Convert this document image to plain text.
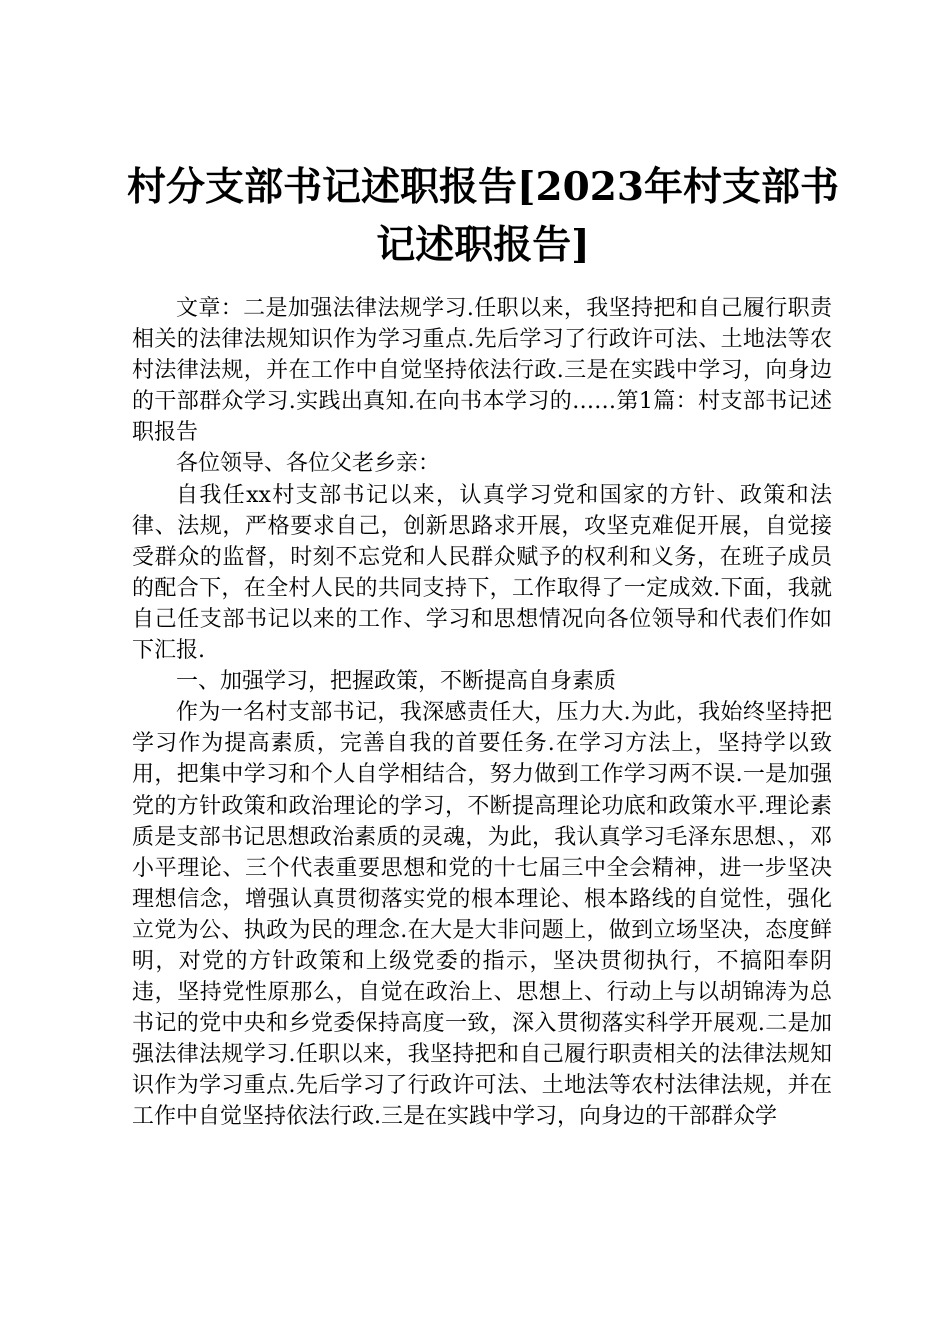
村分支部书记述职报告[2023年村支部书记述职报告]

文章：二是加强法律法规学习.任职以来，我坚持把和自己履行职责相关的法律法规知识作为学习重点.先后学习了行政许可法、土地法等农村法律法规，并在工作中自觉坚持依法行政.三是在实践中学习，向身边的干部群众学习.实践出真知.在向书本学习的……第1篇：村支部书记述职报告

各位领导、各位父老乡亲：

自我任xx村支部书记以来，认真学习党和国家的方针、政策和法律、法规，严格要求自己，创新思路求开展，攻坚克难促开展，自觉接受群众的监督，时刻不忘党和人民群众赋予的权利和义务，在班子成员的配合下，在全村人民的共同支持下，工作取得了一定成效.下面，我就自己任支部书记以来的工作、学习和思想情况向各位领导和代表们作如下汇报.

一、加强学习，把握政策，不断提高自身素质

作为一名村支部书记，我深感责任大，压力大.为此，我始终坚持把学习作为提高素质，完善自我的首要任务.在学习方法上，坚持学以致用，把集中学习和个人自学相结合，努力做到工作学习两不误.一是加强党的方针政策和政治理论的学习，不断提高理论功底和政策水平.理论素质是支部书记思想政治素质的灵魂，为此，我认真学习毛泽东思想、，邓小平理论、三个代表重要思想和党的十七届三中全会精神，进一步坚决理想信念，增强认真贯彻落实党的根本理论、根本路线的自觉性，强化立党为公、执政为民的理念.在大是大非问题上，做到立场坚决，态度鲜明，对党的方针政策和上级党委的指示，坚决贯彻执行，不搞阳奉阴违，坚持党性原那么，自觉在政治上、思想上、行动上与以胡锦涛为总书记的党中央和乡党委保持高度一致，深入贯彻落实科学开展观.二是加强法律法规学习.任职以来，我坚持把和自己履行职责相关的法律法规知识作为学习重点.先后学习了行政许可法、土地法等农村法律法规，并在工作中自觉坚持依法行政.三是在实践中学习，向身边的干部群众学
